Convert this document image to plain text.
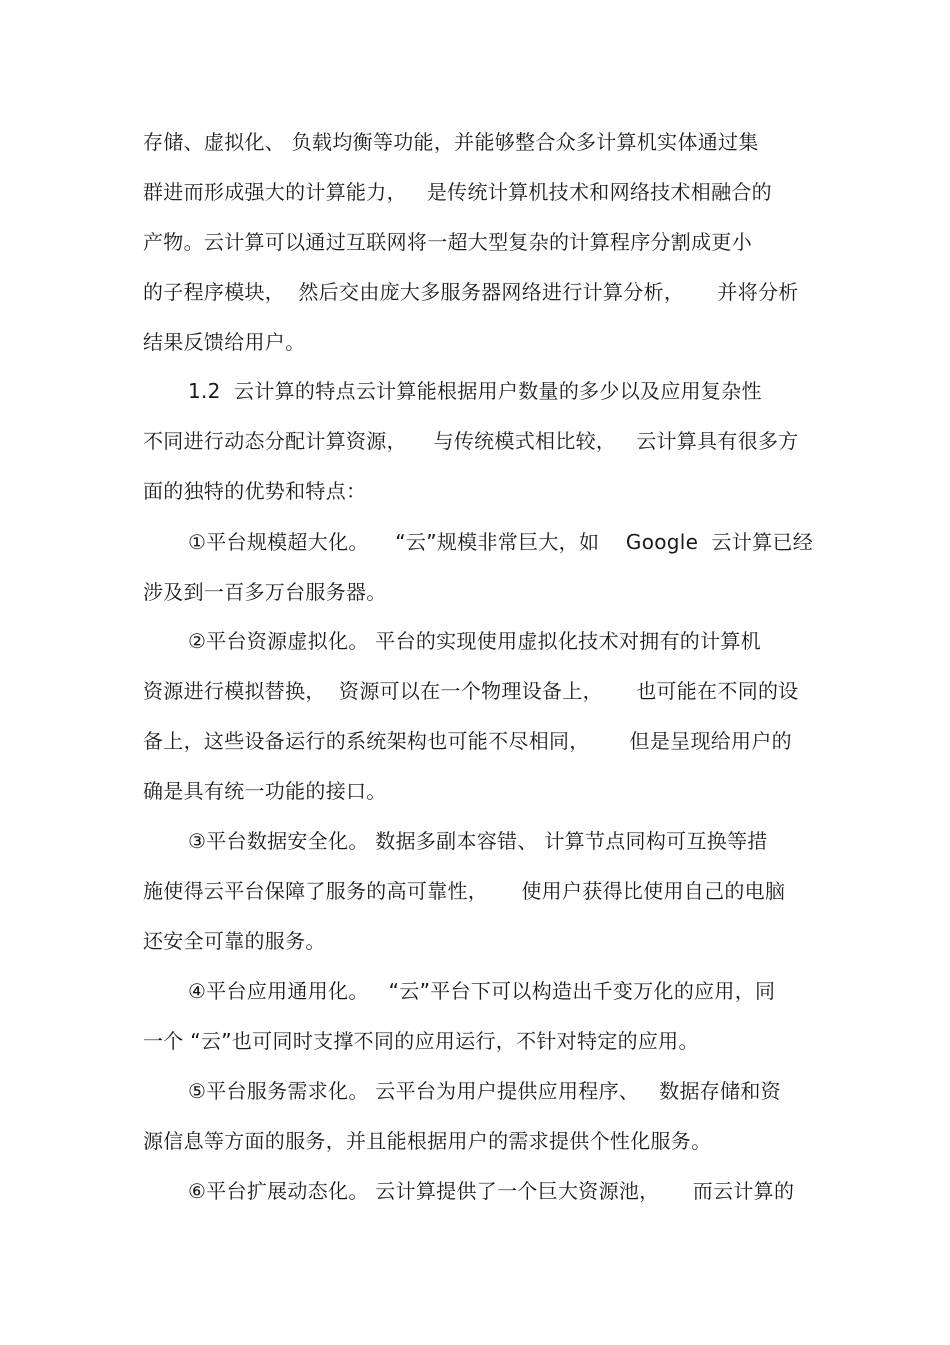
存储、虚拟化、 负载均衡等功能，并能够整合众多计算机实体通过集
群进而形成强大的计算能力，   是传统计算机技术和网络技术相融合的
产物。云计算可以通过互联网将一超大型复杂的计算程序分割成更小
的子程序模块，  然后交由庞大多服务器网络进行计算分析，     并将分析
结果反馈给用户。
1.2  云计算的特点云计算能根据用户数量的多少以及应用复杂性
不同进行动态分配计算资源，    与传统模式相比较，   云计算具有很多方
面的独特的优势和特点：
①平台规模超大化。    “云”规模非常巨大，如    Google  云计算已经
涉及到一百多万台服务器。
②平台资源虚拟化。 平台的实现使用虚拟化技术对拥有的计算机
资源进行模拟替换，  资源可以在一个物理设备上，     也可能在不同的设
备上，这些设备运行的系统架构也可能不尽相同，      但是呈现给用户的
确是具有统一功能的接口。
③平台数据安全化。 数据多副本容错、 计算节点同构可互换等措
施使得云平台保障了服务的高可靠性，     使用户获得比使用自己的电脑
还安全可靠的服务。
④平台应用通用化。   “云”平台下可以构造出千变万化的应用，同
一个 “云”也可同时支撑不同的应用运行，不针对特定的应用。
⑤平台服务需求化。 云平台为用户提供应用程序、   数据存储和资
源信息等方面的服务，并且能根据用户的需求提供个性化服务。
⑥平台扩展动态化。 云计算提供了一个巨大资源池，     而云计算的
